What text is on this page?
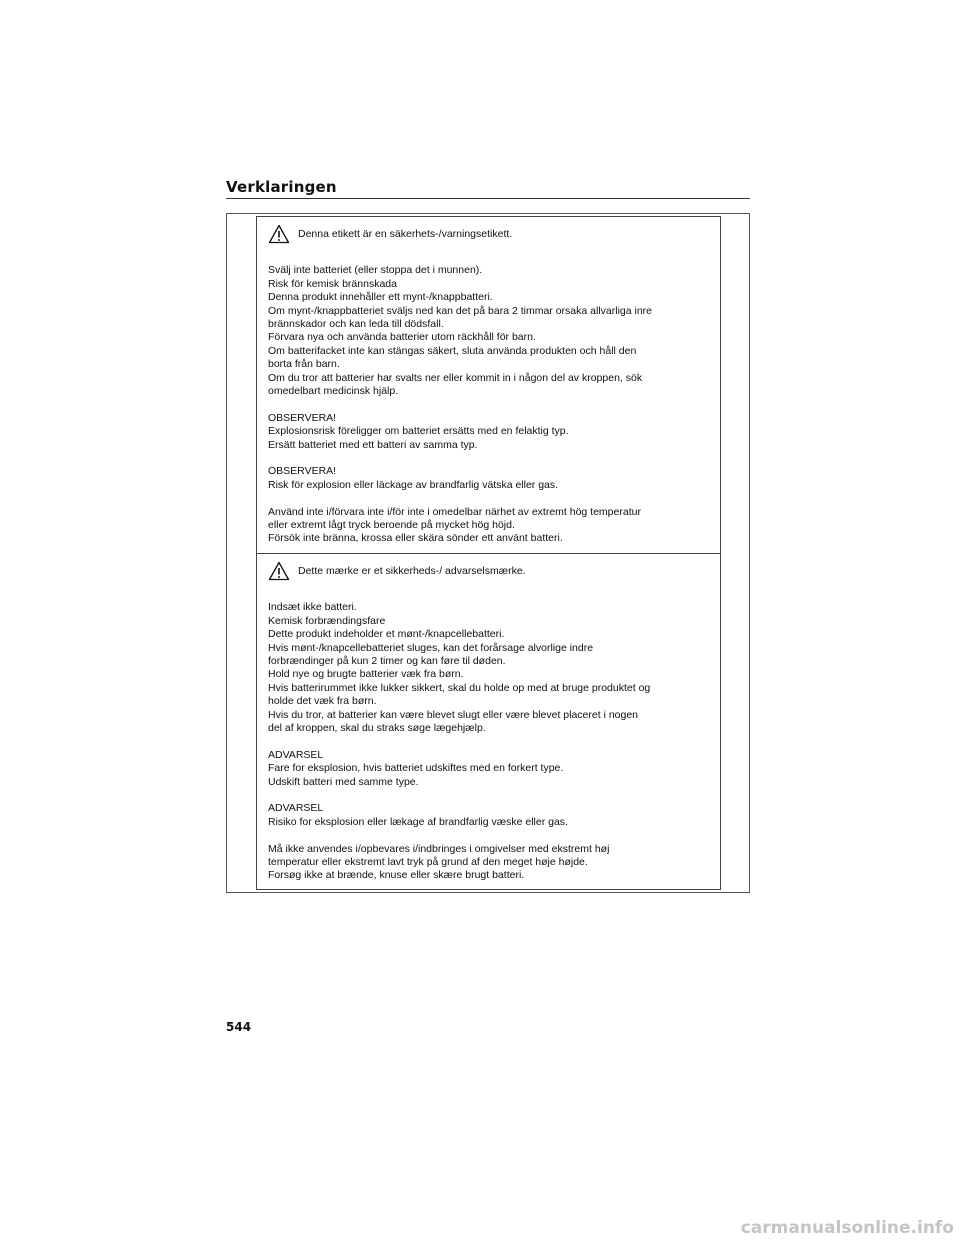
Verklaringen
Denna etikett är en säkerhets-/varningsetikett.

Svälj inte batteriet (eller stoppa det i munnen).

Risk för kemisk brännskada

Denna produkt innehåller ett mynt-/knappbatteri.

Om mynt-/knappbatteriet sväljs ned kan det på bara 2 timmar orsaka allvarliga inre

brännskador och kan leda till dödsfall.

Förvara nya och använda batterier utom räckhåll för barn.

Om batterifacket inte kan stängas säkert, sluta använda produkten och håll den

borta från barn.

Om du tror att batterier har svalts ner eller kommit in i någon del av kroppen, sök

omedelbart medicinsk hjälp.

OBSERVERA!

Explosionsrisk föreligger om batteriet ersätts med en felaktig typ.

Ersätt batteriet med ett batteri av samma typ.

OBSERVERA!

Risk för explosion eller läckage av brandfarlig vätska eller gas.

Använd inte i/förvara inte i/för inte i omedelbar närhet av extremt hög temperatur

eller extremt lågt tryck beroende på mycket hög höjd.

Försök inte bränna, krossa eller skära sönder ett använt batteri.

Dette mærke er et sikkerheds-/ advarselsmærke.

Indsæt ikke batteri.

Kemisk forbrændingsfare

Dette produkt indeholder et mønt-/knapcellebatteri.

Hvis mønt-/knapcellebatteriet sluges, kan det forårsage alvorlige indre

forbrændinger på kun 2 timer og kan føre til døden.

Hold nye og brugte batterier væk fra børn.

Hvis batterirummet ikke lukker sikkert, skal du holde op med at bruge produktet og

holde det væk fra børn.

Hvis du tror, at batterier kan være blevet slugt eller være blevet placeret i nogen

del af kroppen, skal du straks søge lægehjælp.

ADVARSEL

Fare for eksplosion, hvis batteriet udskiftes med en forkert type.

Udskift batteri med samme type.

ADVARSEL

Risiko for eksplosion eller lækage af brandfarlig væske eller gas.

Må ikke anvendes i/opbevares i/indbringes i omgivelser med ekstremt høj

temperatur eller ekstremt lavt tryk på grund af den meget høje højde.

Forsøg ikke at brænde, knuse eller skære brugt batteri.

544
carmanualsonline.info
